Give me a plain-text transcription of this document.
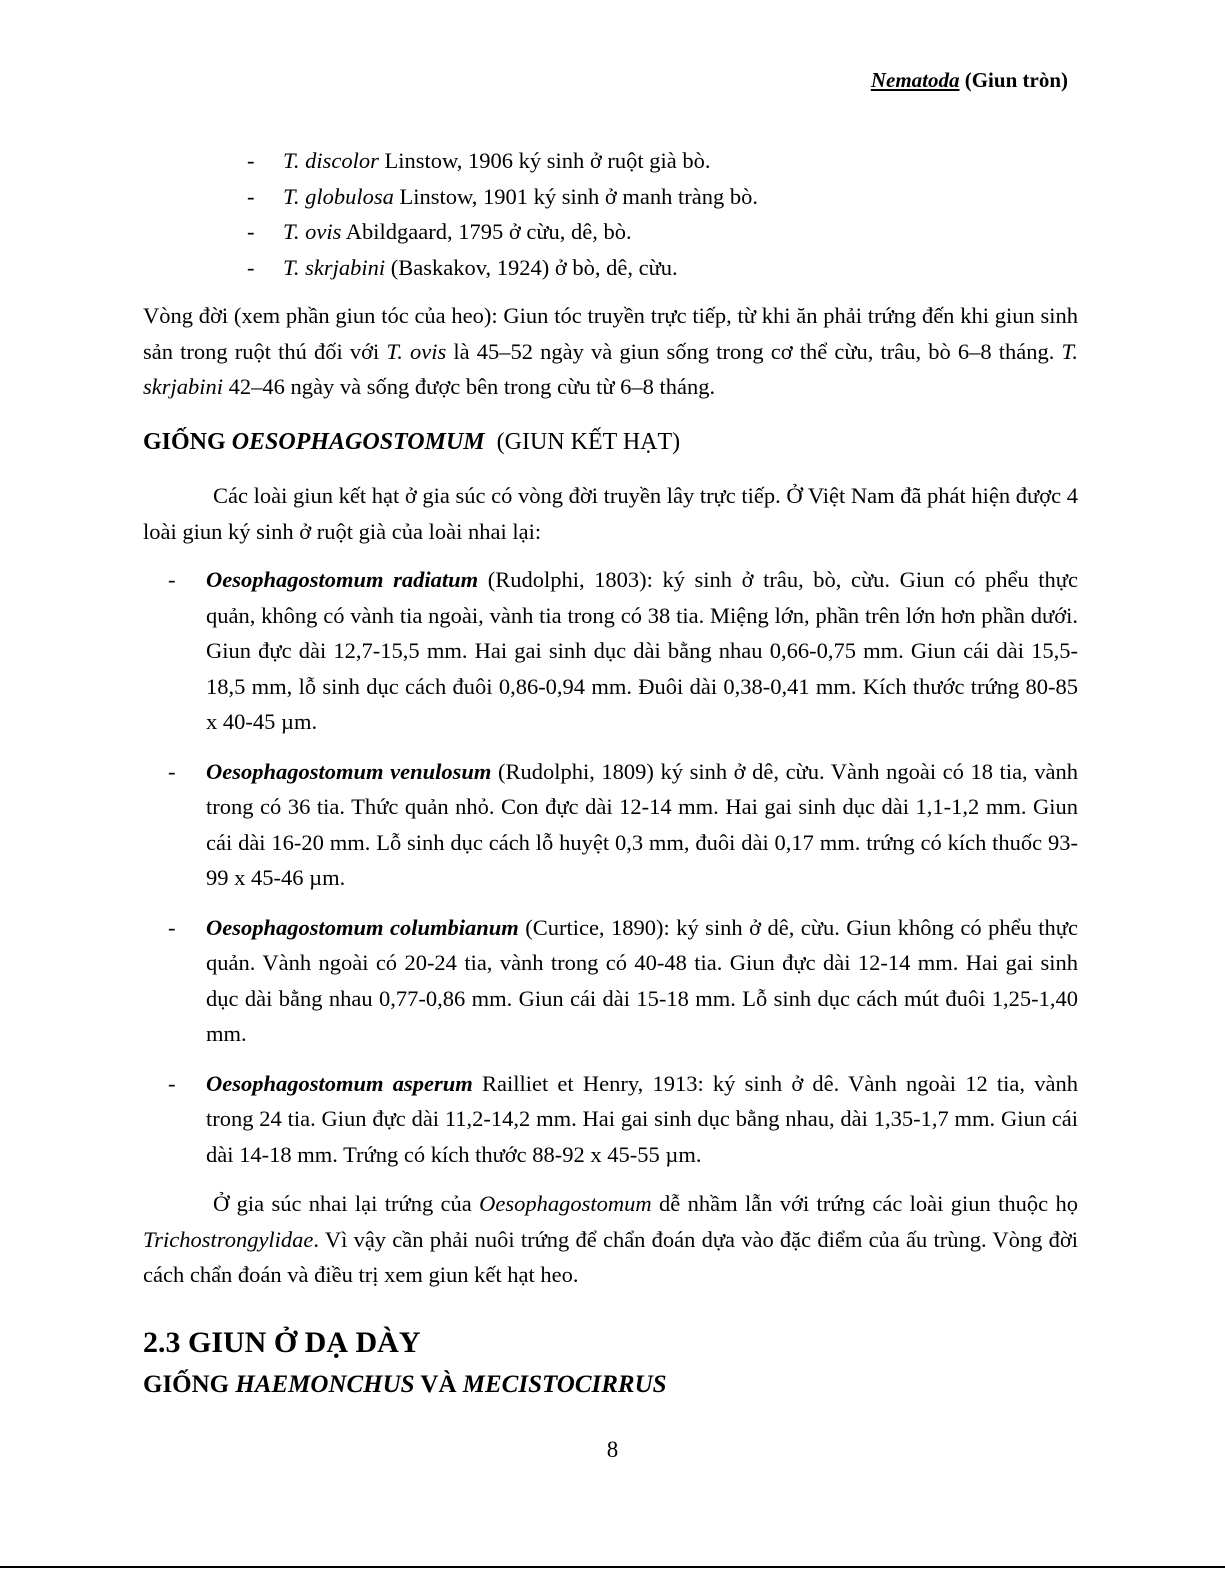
Nematoda (Giun tròn)
-	T. discolor Linstow, 1906 ký sinh ở ruột già bò.
-	T. globulosa Linstow, 1901 ký sinh ở manh tràng bò.
-	T. ovis Abildgaard, 1795 ở cừu, dê, bò.
-	T. skrjabini (Baskakov, 1924) ở bò, dê, cừu.

Vòng đời (xem phần giun tóc của heo): Giun tóc truyền trực tiếp, từ khi ăn phải trứng đến khi giun sinh sản trong ruột thú đối với T. ovis là 45–52 ngày và giun sống trong cơ thể cừu, trâu, bò 6–8 tháng. T. skrjabini 42–46 ngày và sống được bên trong cừu từ 6–8 tháng.

GIỐNG OESOPHAGOSTOMUM  (GIUN KẾT HẠT)

Các loài giun kết hạt ở gia súc có vòng đời truyền lây trực tiếp. Ở Việt Nam đã phát hiện được 4 loài giun ký sinh ở ruột già của loài nhai lại:

-	Oesophagostomum radiatum (Rudolphi, 1803): ký sinh ở trâu, bò, cừu. Giun có phểu thực quản, không có vành tia ngoài, vành tia trong có 38 tia. Miệng lớn, phần trên lớn hơn phần dưới. Giun đực dài 12,7-15,5 mm. Hai gai sinh dục dài bằng nhau 0,66-0,75 mm. Giun cái dài 15,5-18,5 mm, lỗ sinh dục cách đuôi 0,86-0,94 mm. Đuôi dài 0,38-0,41 mm. Kích thước trứng 80-85 x 40-45 µm.
-	Oesophagostomum venulosum (Rudolphi, 1809) ký sinh ở dê, cừu. Vành ngoài có 18 tia, vành trong có 36 tia. Thức quản nhỏ. Con đực dài 12-14 mm. Hai gai sinh dục dài 1,1-1,2 mm. Giun cái dài 16-20 mm. Lỗ sinh dục cách lỗ huyệt 0,3 mm, đuôi dài 0,17 mm. trứng có kích thuốc 93-99 x 45-46 µm.
-	Oesophagostomum columbianum (Curtice, 1890): ký sinh ở dê, cừu. Giun không có phểu thực quản. Vành ngoài có 20-24 tia, vành trong có 40-48 tia. Giun đực dài 12-14 mm. Hai gai sinh dục dài bằng nhau 0,77-0,86 mm. Giun cái dài 15-18 mm. Lỗ sinh dục cách mút đuôi 1,25-1,40 mm.
-	Oesophagostomum asperum Railliet et Henry, 1913: ký sinh ở dê. Vành ngoài 12 tia, vành trong 24 tia. Giun đực dài 11,2-14,2 mm. Hai gai sinh dục bằng nhau, dài 1,35-1,7 mm. Giun cái dài 14-18 mm. Trứng có kích thước 88-92 x 45-55 µm.

Ở gia súc nhai lại trứng của Oesophagostomum dễ nhầm lẫn với trứng các loài giun thuộc họ Trichostrongylidae. Vì vậy cần phải nuôi trứng để chẩn đoán dựa vào đặc điểm của ấu trùng. Vòng đời cách chẩn đoán và điều trị xem giun kết hạt heo.

2.3 GIUN Ở DẠ DÀY
GIỐNG HAEMONCHUS VÀ MECISTOCIRRUS
8
